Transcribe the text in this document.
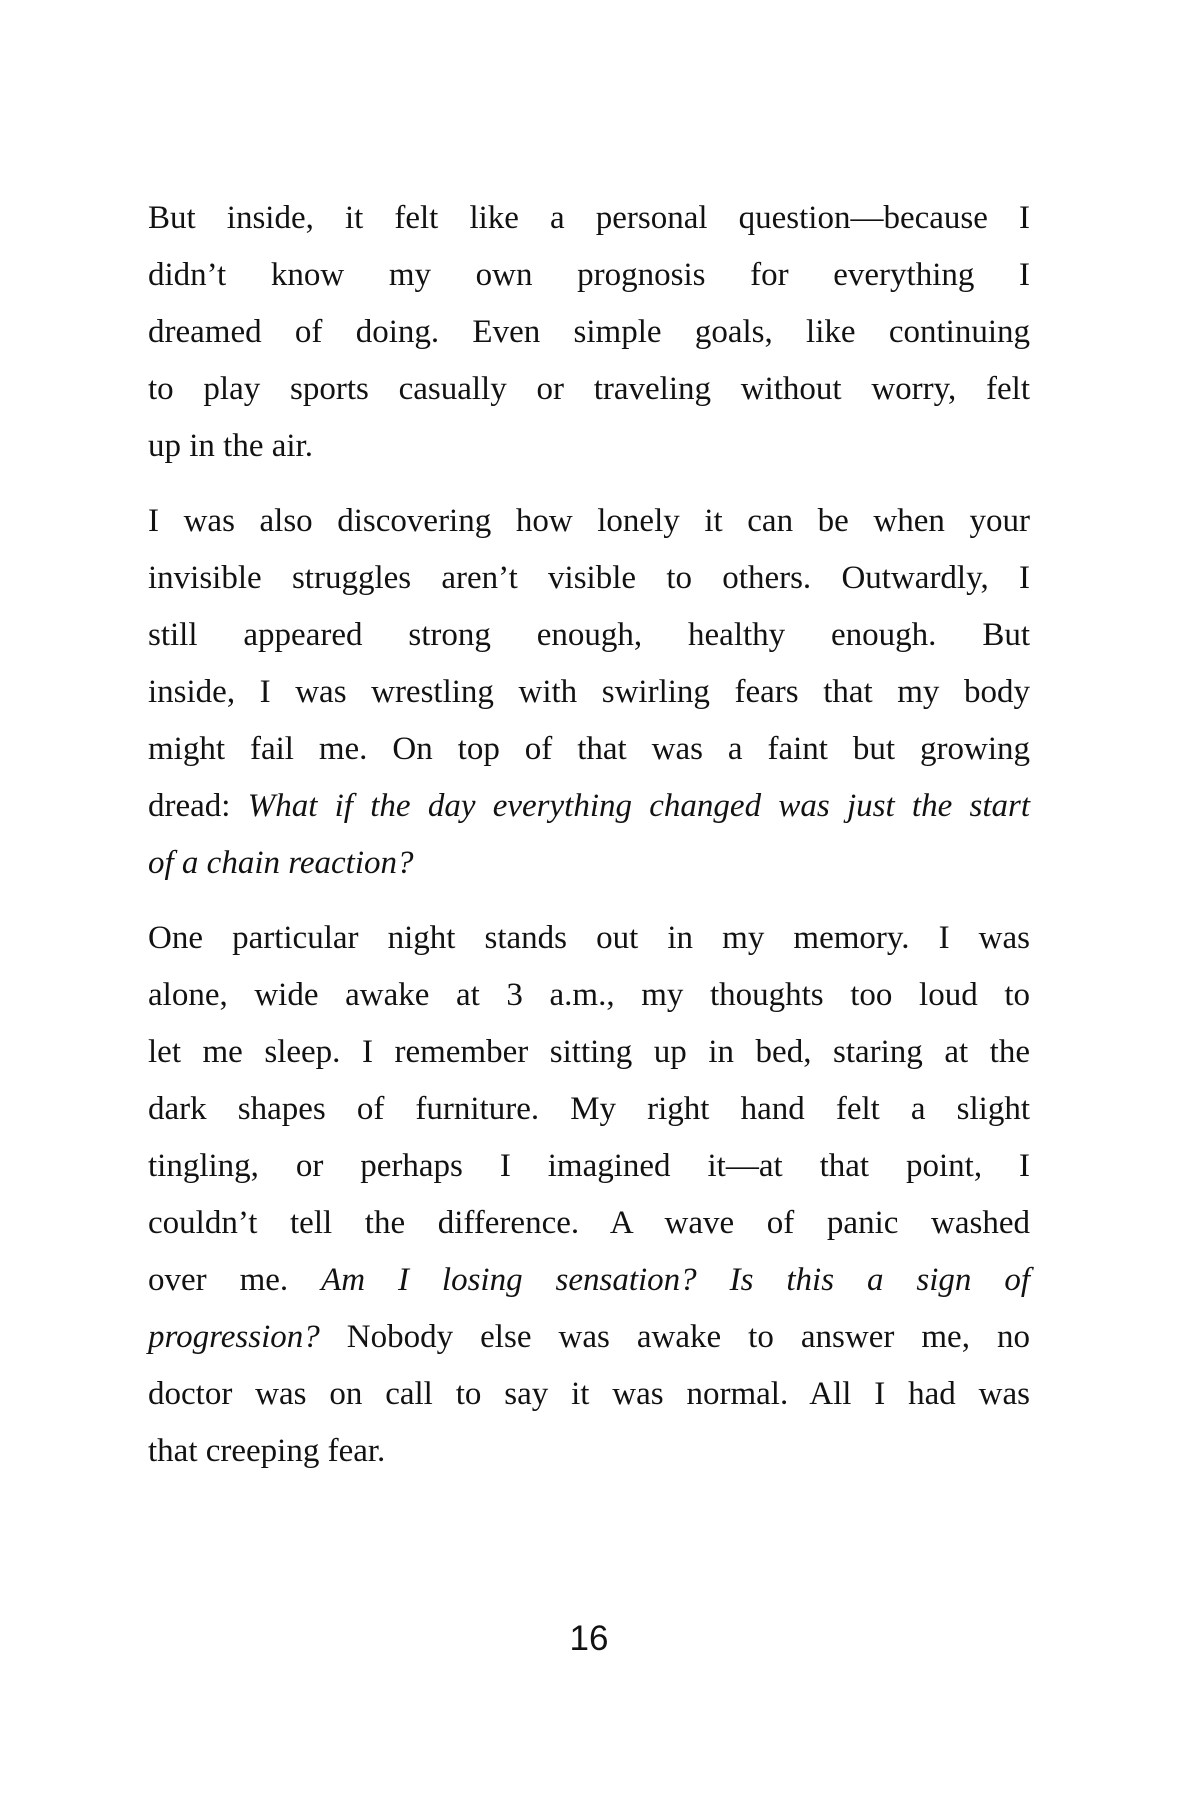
But inside, it felt like a personal question—because I
didn’t know my own prognosis for everything I
dreamed of doing. Even simple goals, like continuing
to play sports casually or traveling without worry, felt
up in the air.
I was also discovering how lonely it can be when your
invisible struggles aren’t visible to others. Outwardly, I
still appeared strong enough, healthy enough. But
inside, I was wrestling with swirling fears that my body
might fail me. On top of that was a faint but growing
dread: What if the day everything changed was just the start
of a chain reaction?
One particular night stands out in my memory. I was
alone, wide awake at 3 a.m., my thoughts too loud to
let me sleep. I remember sitting up in bed, staring at the
dark shapes of furniture. My right hand felt a slight
tingling, or perhaps I imagined it—at that point, I
couldn’t tell the difference. A wave of panic washed
over me. Am I losing sensation? Is this a sign of
progression? Nobody else was awake to answer me, no
doctor was on call to say it was normal. All I had was
that creeping fear.
16
